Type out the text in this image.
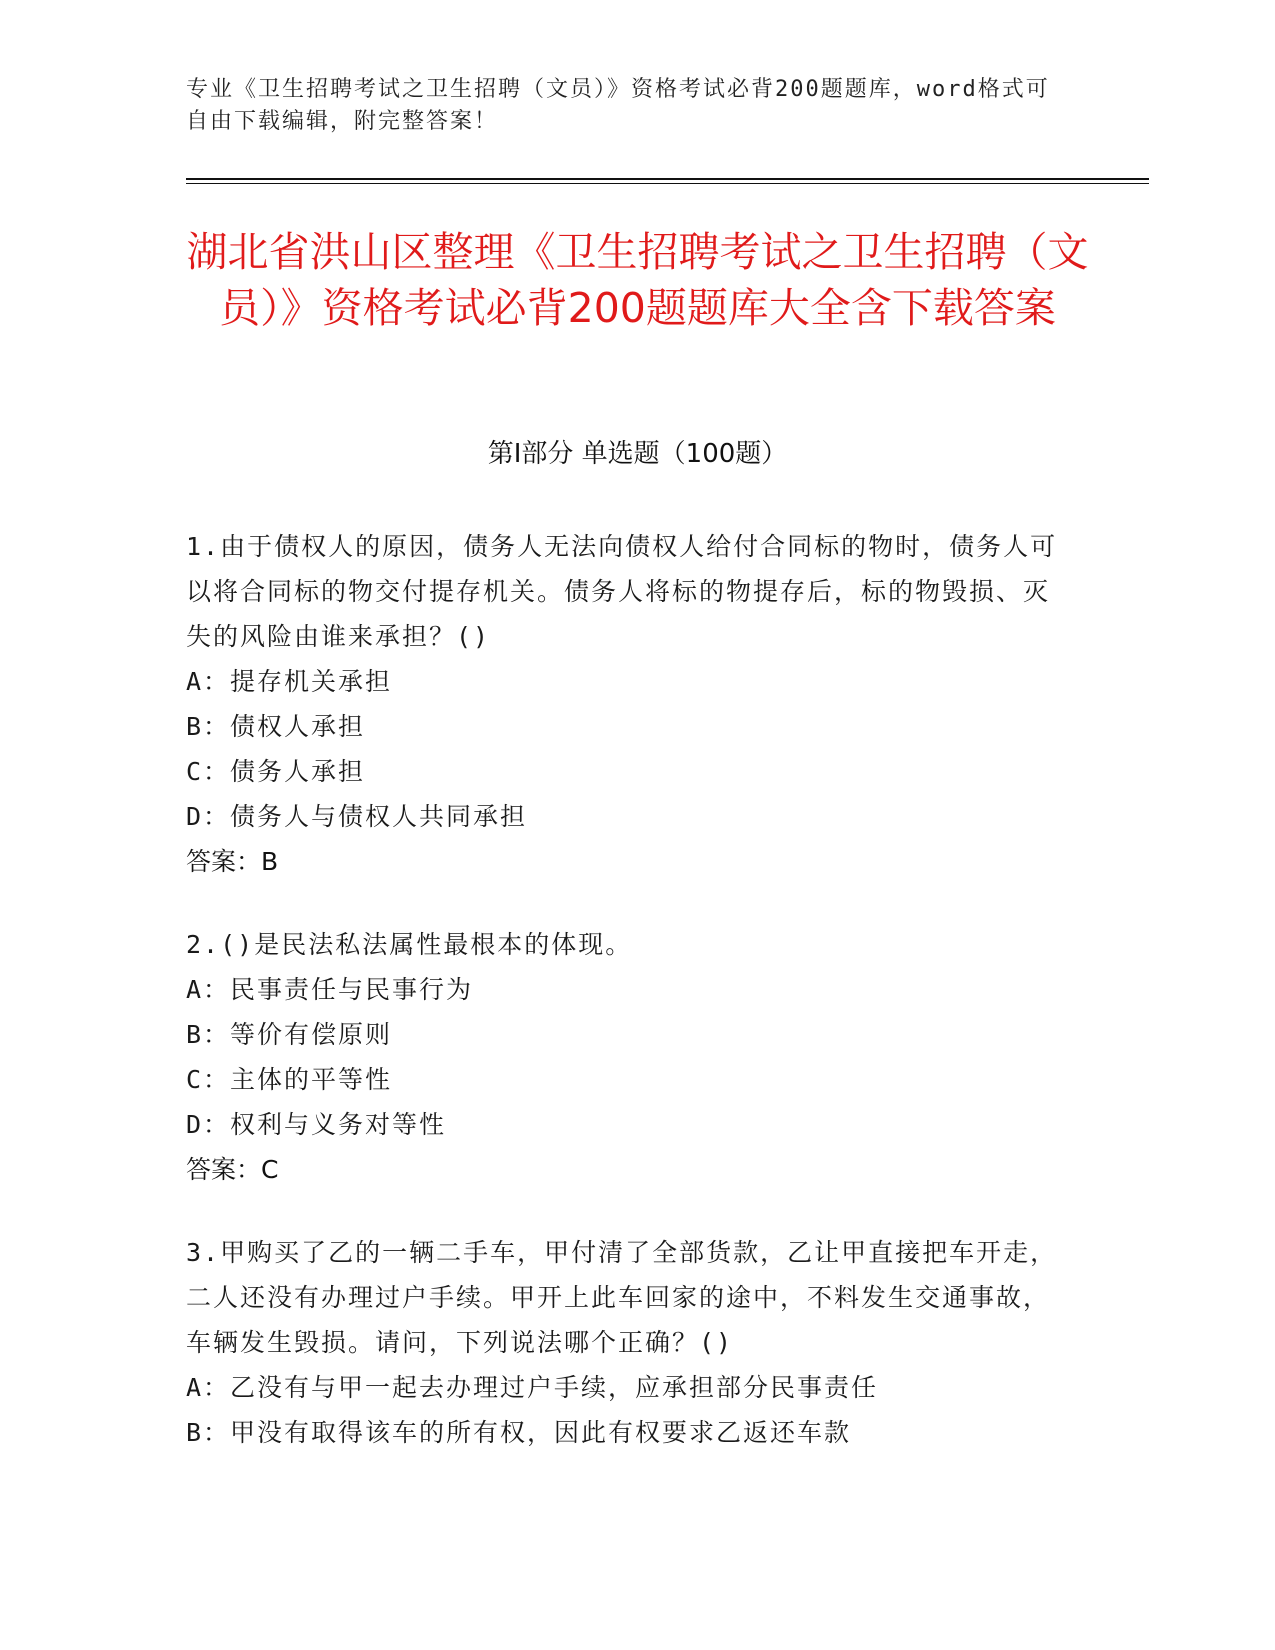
专业《卫生招聘考试之卫生招聘（文员）》资格考试必背200题题库，word格式可自由下载编辑，附完整答案！
湖北省洪山区整理《卫生招聘考试之卫生招聘（文员）》资格考试必背200题题库大全含下载答案
第I部分 单选题（100题）
1.由于债权人的原因，债务人无法向债权人给付合同标的物时，债务人可以将合同标的物交付提存机关。债务人将标的物提存后，标的物毁损、灭失的风险由谁来承担？()
A：提存机关承担
B：债权人承担
C：债务人承担
D：债务人与债权人共同承担
答案：B
2.()是民法私法属性最根本的体现。
A：民事责任与民事行为
B：等价有偿原则
C：主体的平等性
D：权利与义务对等性
答案：C
3.甲购买了乙的一辆二手车，甲付清了全部货款，乙让甲直接把车开走，二人还没有办理过户手续。甲开上此车回家的途中，不料发生交通事故，车辆发生毁损。请问，下列说法哪个正确？()
A：乙没有与甲一起去办理过户手续，应承担部分民事责任
B：甲没有取得该车的所有权，因此有权要求乙返还车款
